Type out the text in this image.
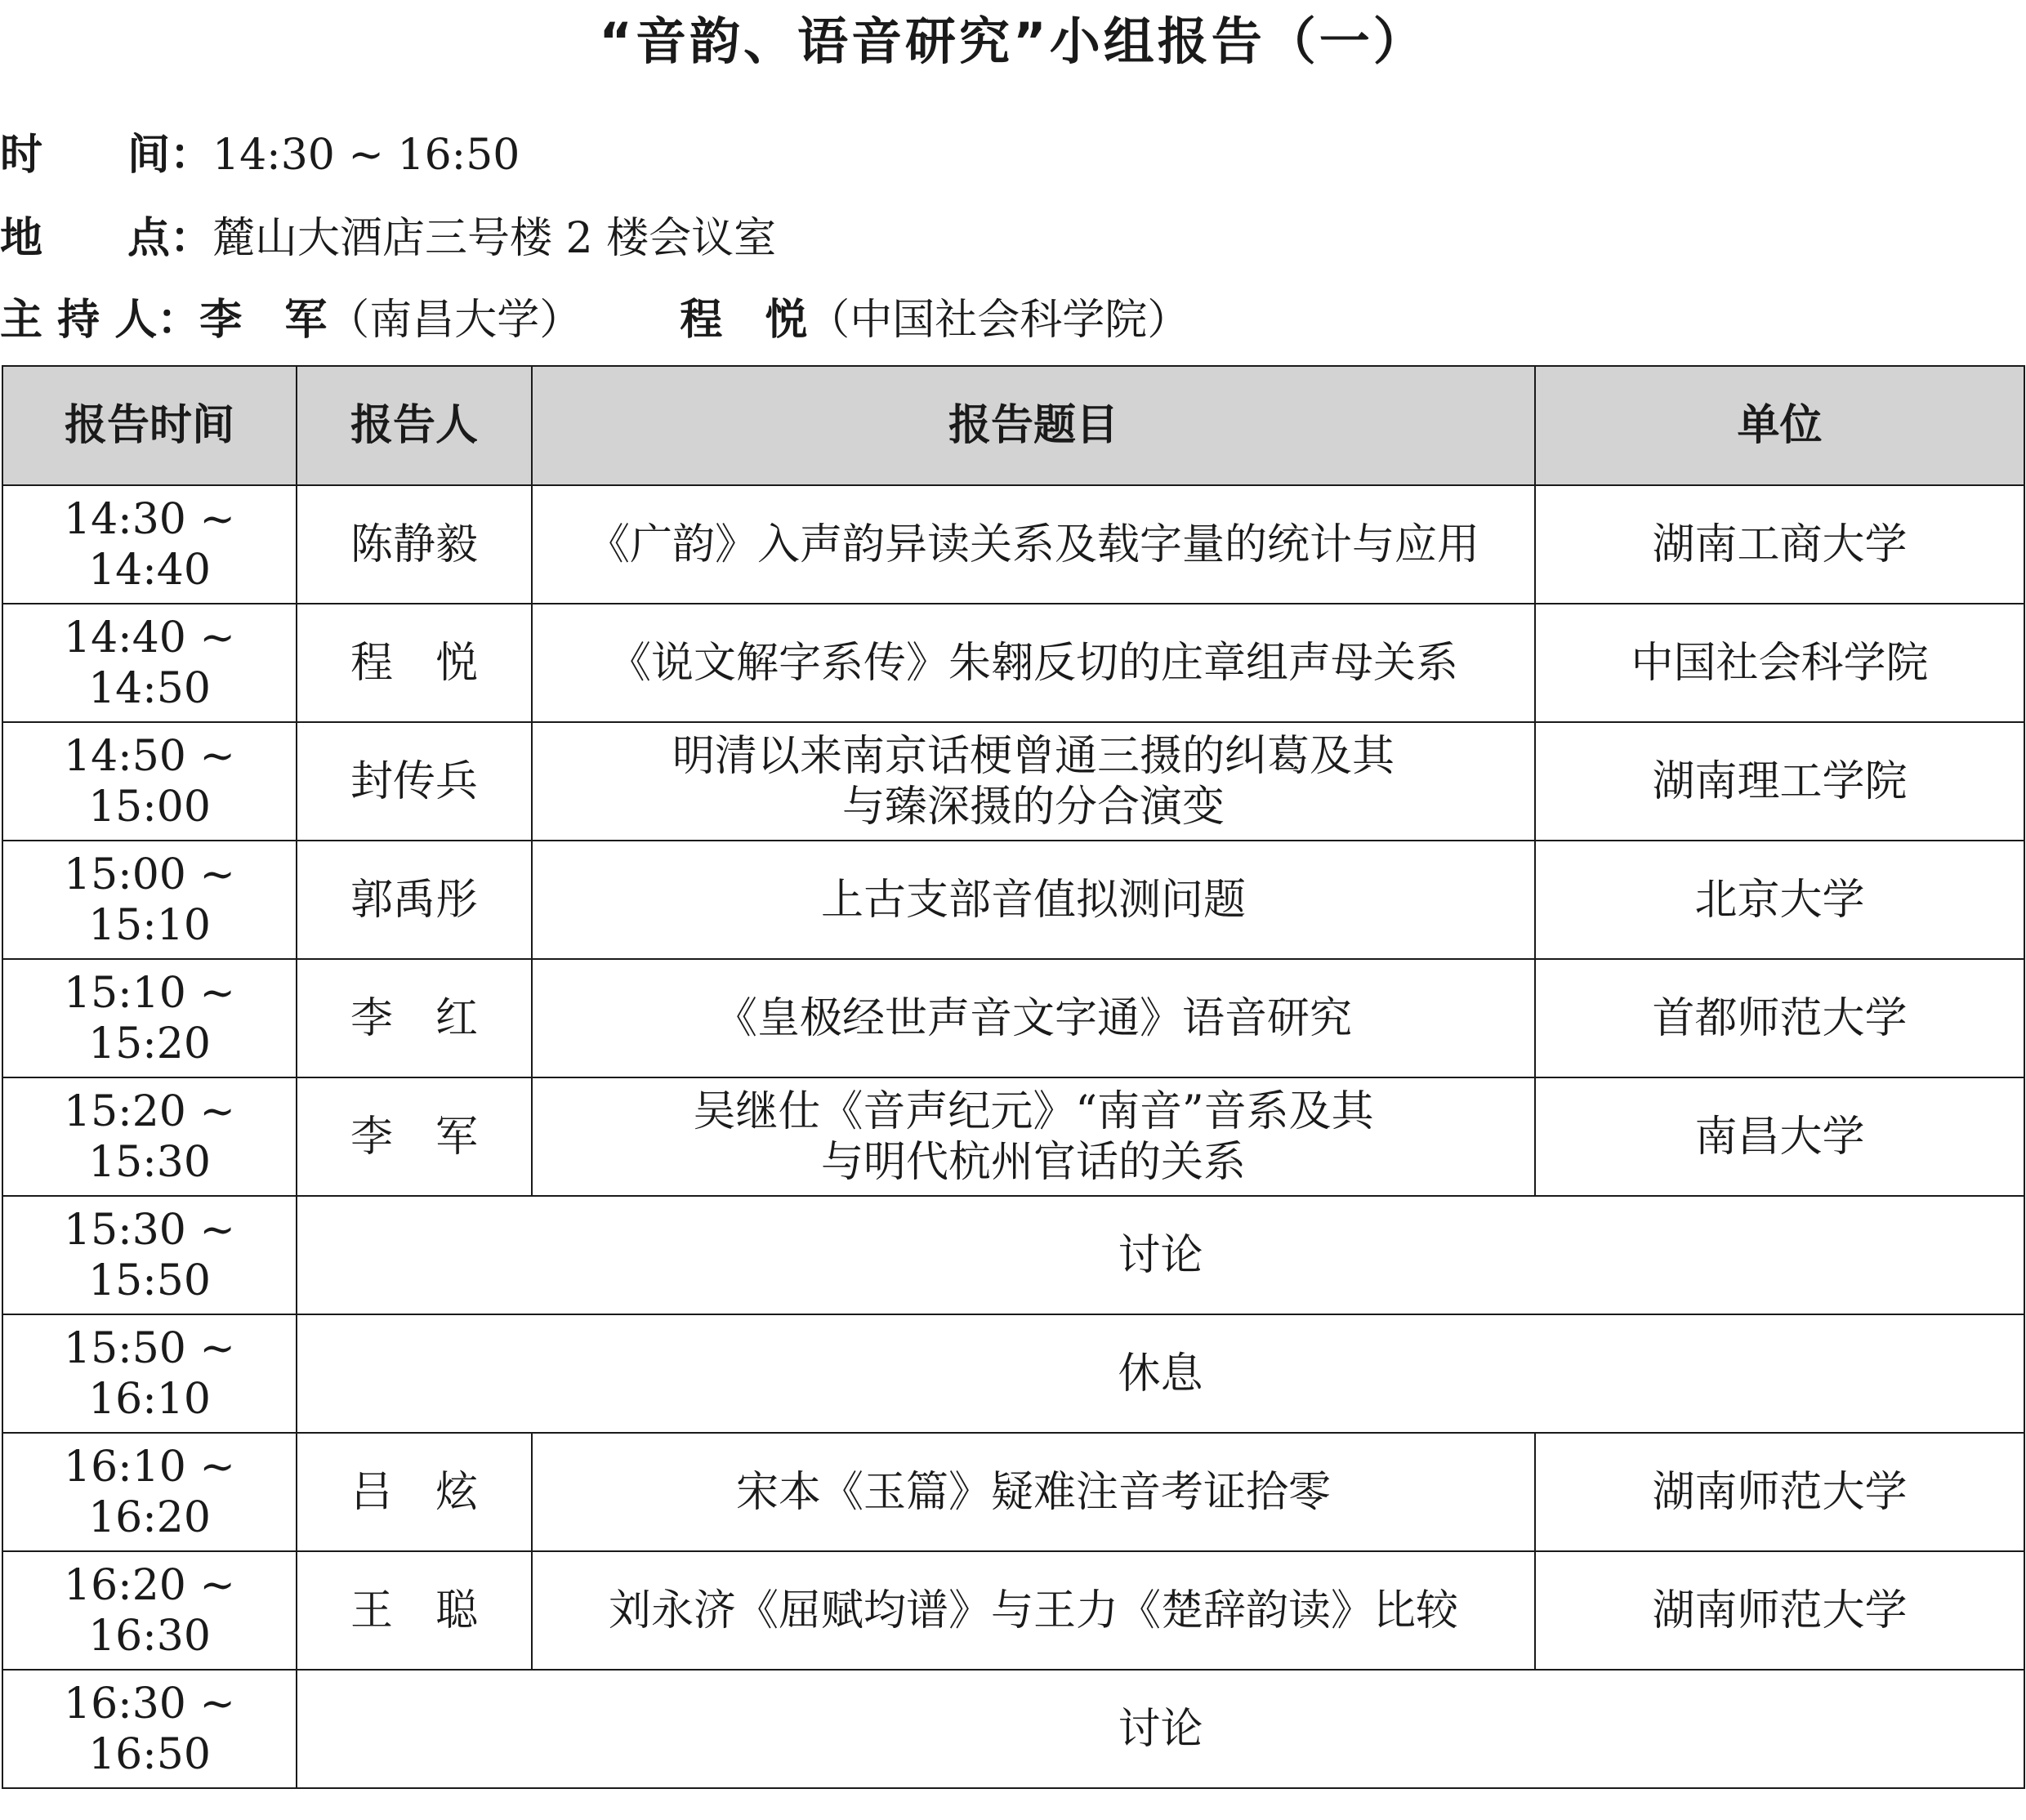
“音韵、语音研究”小组报告（一）
时　　间：14:30 ~ 16:50
地　　点：麓山大酒店三号楼 2 楼会议室
主 持 人：李　军（南昌大学） 程　悦（中国社会科学院）
报告时间	报告人	报告题目	单位
14:30 ~ 14:40	陈静毅	《广韵》入声韵异读关系及载字量的统计与应用	湖南工商大学
14:40 ~ 14:50	程　悦	《说文解字系传》朱翱反切的庄章组声母关系	中国社会科学院
14:50 ~ 15:00	封传兵	明清以来南京话梗曾通三摄的纠葛及其
与臻深摄的分合演变	湖南理工学院
15:00 ~ 15:10	郭禹彤	上古支部音值拟测问题	北京大学
15:10 ~ 15:20	李　红	《皇极经世声音文字通》语音研究	首都师范大学
15:20 ~ 15:30	李　军	吴继仕《音声纪元》“南音”音系及其
与明代杭州官话的关系	南昌大学
15:30 ~ 15:50	讨论		
15:50 ~ 16:10	休息		
16:10 ~ 16:20	吕　炫	宋本《玉篇》疑难注音考证拾零	湖南师范大学
16:20 ~ 16:30	王　聪	刘永济《屈赋均谱》与王力《楚辞韵读》比较	湖南师范大学
16:30 ~ 16:50	讨论		
